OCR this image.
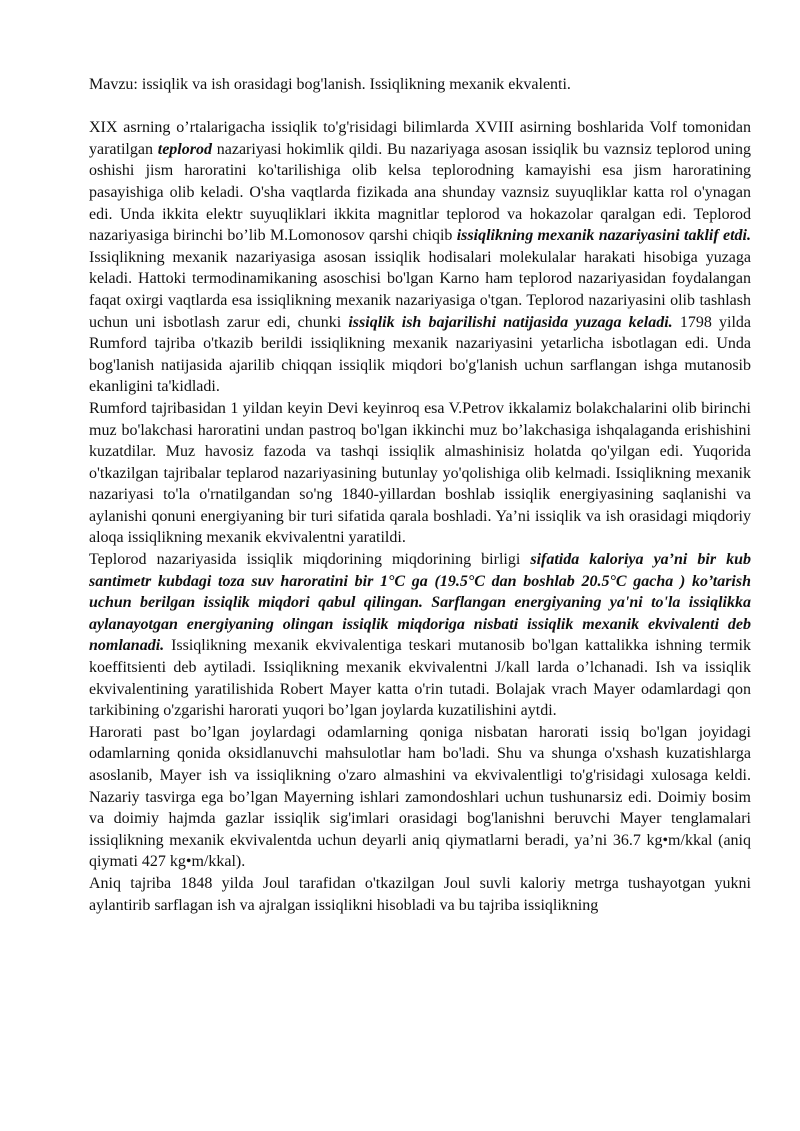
Mavzu: issiqlik va ish orasidagi bog'lanish. Issiqlikning mexanik ekvalenti.

XIX asrning o’rtalarigacha issiqlik to'g'risidagi bilimlarda XVIII asirning boshlarida Volf tomonidan yaratilgan teplorod nazariyasi hokimlik qildi. Bu nazariyaga asosan issiqlik bu vaznsiz teplorod uning oshishi jism haroratini ko'tarilishiga olib kelsa teplorodning kamayishi esa jism haroratining pasayishiga olib keladi. O'sha vaqtlarda fizikada ana shunday vaznsiz suyuqliklar katta rol o'ynagan edi. Unda ikkita elektr suyuqliklari ikkita magnitlar teplorod va hokazolar qaralgan edi. Teplorod nazariyasiga birinchi bo’lib M.Lomonosov qarshi chiqib issiqlikning mexanik nazariyasini taklif etdi. Issiqlikning mexanik nazariyasiga asosan issiqlik hodisalari molekulalar harakati hisobiga yuzaga keladi. Hattoki termodinamikaning asoschisi bo'lgan Karno ham teplorod nazariyasidan foydalangan faqat oxirgi vaqtlarda esa issiqlikning mexanik nazariyasiga o'tgan. Teplorod nazariyasini olib tashlash uchun uni isbotlash zarur edi, chunki issiqlik ish bajarilishi natijasida yuzaga keladi. 1798 yilda Rumford tajriba o'tkazib berildi issiqlikning mexanik nazariyasini yetarlicha isbotlagan edi. Unda bog'lanish natijasida ajarilib chiqqan issiqlik miqdori bo'g'lanish uchun sarflangan ishga mutanosib ekanligini ta'kidladi.

Rumford tajribasidan 1 yildan keyin Devi keyinroq esa V.Petrov ikkalamiz bolakchalarini olib birinchi muz bo'lakchasi haroratini undan pastroq bo'lgan ikkinchi muz bo’lakchasiga ishqalaganda erishishini kuzatdilar. Muz havosiz fazoda va tashqi issiqlik almashinisiz holatda qo'yilgan edi. Yuqorida o'tkazilgan tajribalar teplarod nazariyasining butunlay yo'qolishiga olib kelmadi. Issiqlikning mexanik nazariyasi to'la o'rnatilgandan so'ng 1840-yillardan boshlab issiqlik energiyasining saqlanishi va aylanishi qonuni energiyaning bir turi sifatida qarala boshladi. Ya’ni issiqlik va ish orasidagi miqdoriy aloqa issiqlikning mexanik ekvivalentni yaratildi.

Teplorod nazariyasida issiqlik miqdorining miqdorining birligi sifatida kaloriya ya’ni bir kub santimetr kubdagi toza suv haroratini bir 1°C ga (19.5°C dan boshlab 20.5°C gacha ) ko’tarish uchun berilgan issiqlik miqdori qabul qilingan. Sarflangan energiyaning ya'ni to'la issiqlikka aylanayotgan energiyaning olingan issiqlik miqdoriga nisbati issiqlik mexanik ekvivalenti deb nomlanadi. Issiqlikning mexanik ekvivalentiga teskari mutanosib bo'lgan kattalikka ishning termik koeffitsienti deb aytiladi. Issiqlikning mexanik ekvivalentni J/kall larda o’lchanadi. Ish va issiqlik ekvivalentining yaratilishida Robert Mayer katta o'rin tutadi. Bolajak vrach Mayer odamlardagi qon tarkibining o'zgarishi harorati yuqori bo’lgan joylarda kuzatilishini aytdi.

Harorati past bo’lgan joylardagi odamlarning qoniga nisbatan harorati issiq bo'lgan joyidagi odamlarning qonida oksidlanuvchi mahsulotlar ham bo'ladi. Shu va shunga o'xshash kuzatishlarga asoslanib, Mayer ish va issiqlikning o'zaro almashini va ekvivalentligi to'g'risidagi xulosaga keldi. Nazariy tasvirga ega bo’lgan Mayerning ishlari zamondoshlari uchun tushunarsiz edi. Doimiy bosim va doimiy hajmda gazlar issiqlik sig'imlari orasidagi bog'lanishni beruvchi Mayer tenglamalari issiqlikning mexanik ekvivalentda uchun deyarli aniq qiymatlarni beradi, ya’ni 36.7 kg•m/kkal (aniq qiymati 427 kg•m/kkal).

Aniq tajriba 1848 yilda Joul tarafidan o'tkazilgan Joul suvli kaloriy metrga tushayotgan yukni aylantirib sarflagan ish va ajralgan issiqlikni hisobladi va bu tajriba issiqlikning
